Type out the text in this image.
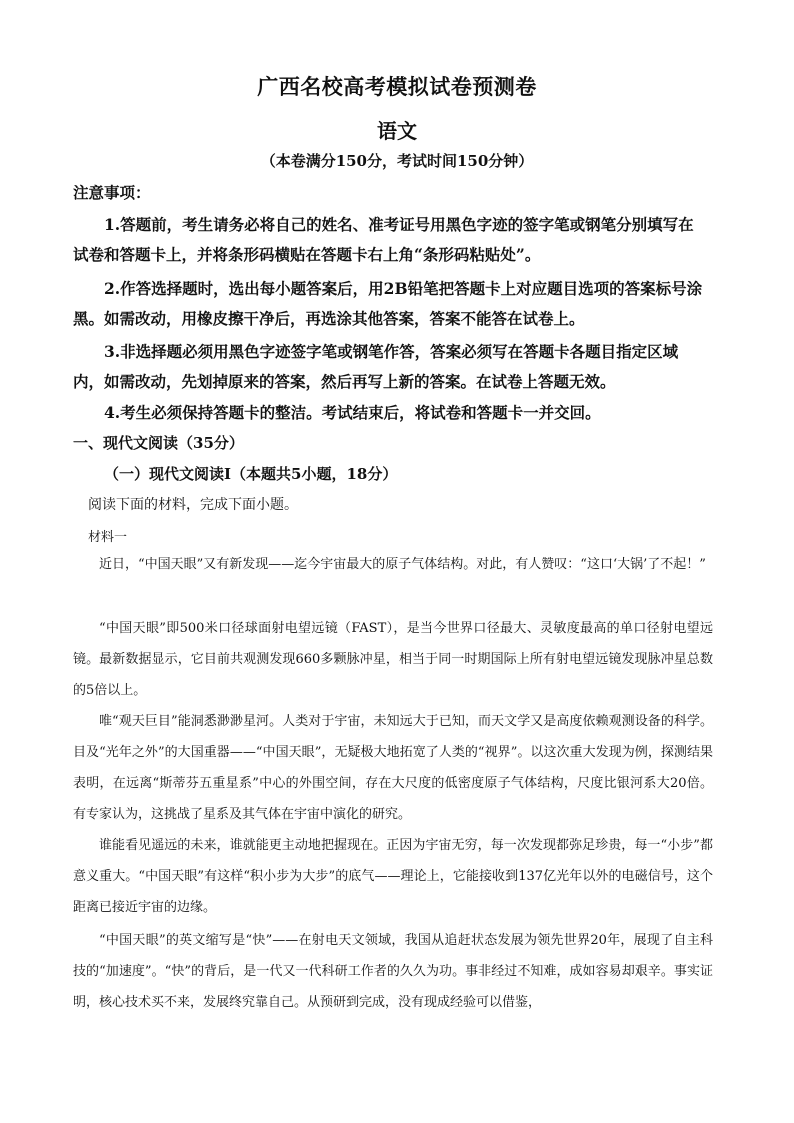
广西名校高考模拟试卷预测卷
语文
（本卷满分150分，考试时间150分钟）
注意事项：
1.答题前，考生请务必将自己的姓名、准考证号用黑色字迹的签字笔或钢笔分别填写在
试卷和答题卡上，并将条形码横贴在答题卡右上角“条形码粘贴处”。
2.作答选择题时，选出每小题答案后，用2B铅笔把答题卡上对应题目选项的答案标号涂
黑。如需改动，用橡皮擦干净后，再选涂其他答案，答案不能答在试卷上。
3.非选择题必须用黑色字迹签字笔或钢笔作答，答案必须写在答题卡各题目指定区域
内，如需改动，先划掉原来的答案，然后再写上新的答案。在试卷上答题无效。
4.考生必须保持答题卡的整洁。考试结束后，将试卷和答题卡一并交回。
一、现代文阅读（35分）
（一）现代文阅读Ⅰ（本题共5小题，18分）
阅读下面的材料，完成下面小题。
材料一
近日，“中国天眼”又有新发现——迄今宇宙最大的原子气体结构。对此，有人赞叹：“这口‘大锅’了不起！”
“中国天眼”即500米口径球面射电望远镜（FAST），是当今世界口径最大、灵敏度最高的单口径射电望远镜。最新数据显示，它目前共观测发现660多颗脉冲星，相当于同一时期国际上所有射电望远镜发现脉冲星总数的5倍以上。
唯“观天巨目”能洞悉渺渺星河。人类对于宇宙，未知远大于已知，而天文学又是高度依赖观测设备的科学。目及“光年之外”的大国重器——“中国天眼”，无疑极大地拓宽了人类的“视界”。以这次重大发现为例，探测结果表明，在远离“斯蒂芬五重星系”中心的外围空间，存在大尺度的低密度原子气体结构，尺度比银河系大20倍。有专家认为，这挑战了星系及其气体在宇宙中演化的研究。
谁能看见遥远的未来，谁就能更主动地把握现在。正因为宇宙无穷，每一次发现都弥足珍贵，每一“小步”都意义重大。“中国天眼”有这样“积小步为大步”的底气——理论上，它能接收到137亿光年以外的电磁信号，这个距离已接近宇宙的边缘。
“中国天眼”的英文缩写是“快”——在射电天文领域，我国从追赶状态发展为领先世界20年，展现了自主科技的“加速度”。“快”的背后，是一代又一代科研工作者的久久为功。事非经过不知难，成如容易却艰辛。事实证明，核心技术买不来，发展终究靠自己。从预研到完成，没有现成经验可以借鉴，
